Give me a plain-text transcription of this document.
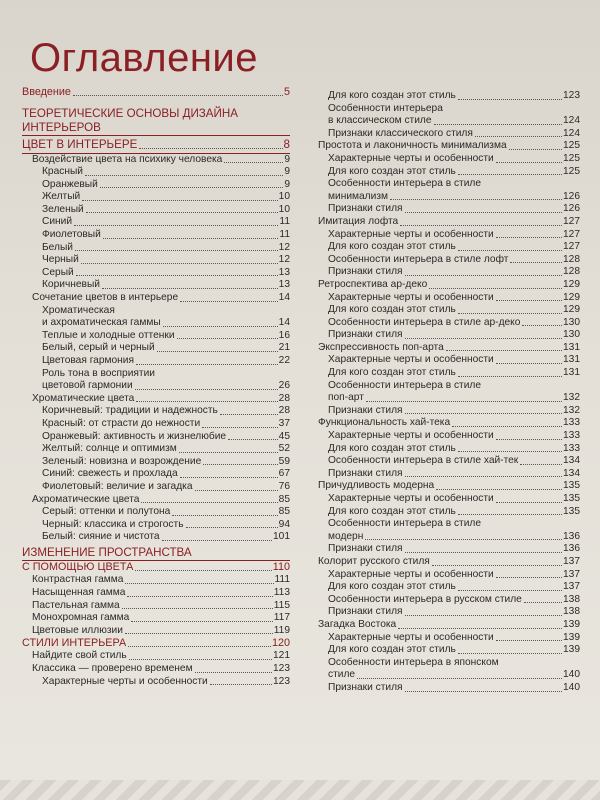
Оглавление
Введение	5
ТЕОРЕТИЧЕСКИЕ ОСНОВЫ ДИЗАЙНА ИНТЕРЬЕРОВ
ЦВЕТ В ИНТЕРЬЕРЕ	8
Воздействие цвета на психику человека	9
Красный	9
Оранжевый	9
Желтый	10
Зеленый	10
Синий	11
Фиолетовый	11
Белый	12
Черный	12
Серый	13
Коричневый	13
Сочетание цветов в интерьере	14
Хроматическая
и ахроматическая гаммы	14
Теплые и холодные оттенки	16
Белый, серый и черный	21
Цветовая гармония	22
Роль тона в восприятии
цветовой гармонии	26
Хроматические цвета	28
Коричневый: традиции и надежность	28
Красный: от страсти до нежности	37
Оранжевый: активность и жизнелюбие	45
Желтый: солнце и оптимизм	52
Зеленый: новизна и возрождение	59
Синий: свежесть и прохлада	67
Фиолетовый: величие и загадка	76
Ахроматические цвета	85
Серый: оттенки и полутона	85
Черный: классика и строгость	94
Белый: сияние и чистота	101
ИЗМЕНЕНИЕ ПРОСТРАНСТВА
С ПОМОЩЬЮ ЦВЕТА	110
Контрастная гамма	111
Насыщенная гамма	113
Пастельная гамма	115
Монохромная гамма	117
Цветовые иллюзии	119
СТИЛИ ИНТЕРЬЕРА	120
Найдите свой стиль	121
Классика — проверено временем	123
Характерные черты и особенности	123
Для кого создан этот стиль	123
Особенности интерьера
в классическом стиле	124
Признаки классического стиля	124
Простота и лаконичность минимализма	125
Характерные черты и особенности	125
Для кого создан этот стиль	125
Особенности интерьера в стиле
минимализм	126
Признаки стиля	126
Имитация лофта	127
Характерные черты и особенности	127
Для кого создан этот стиль	127
Особенности интерьера в стиле лофт	128
Признаки стиля	128
Ретроспектива ар-деко	129
Характерные черты и особенности	129
Для кого создан этот стиль	129
Особенности интерьера в стиле ар-деко	130
Признаки стиля	130
Экспрессивность поп-арта	131
Характерные черты и особенности	131
Для кого создан этот стиль	131
Особенности интерьера в стиле
поп-арт	132
Признаки стиля	132
Функциональность хай-тека	133
Характерные черты и особенности	133
Для кого создан этот стиль	133
Особенности интерьера в стиле хай-тек	134
Признаки стиля	134
Причудливость модерна	135
Характерные черты и особенности	135
Для кого создан этот стиль	135
Особенности интерьера в стиле
модерн	136
Признаки стиля	136
Колорит русского стиля	137
Характерные черты и особенности	137
Для кого создан этот стиль	137
Особенности интерьера в русском стиле	138
Признаки стиля	138
Загадка Востока	139
Характерные черты и особенности	139
Для кого создан этот стиль	139
Особенности интерьера в японском
стиле	140
Признаки стиля	140
